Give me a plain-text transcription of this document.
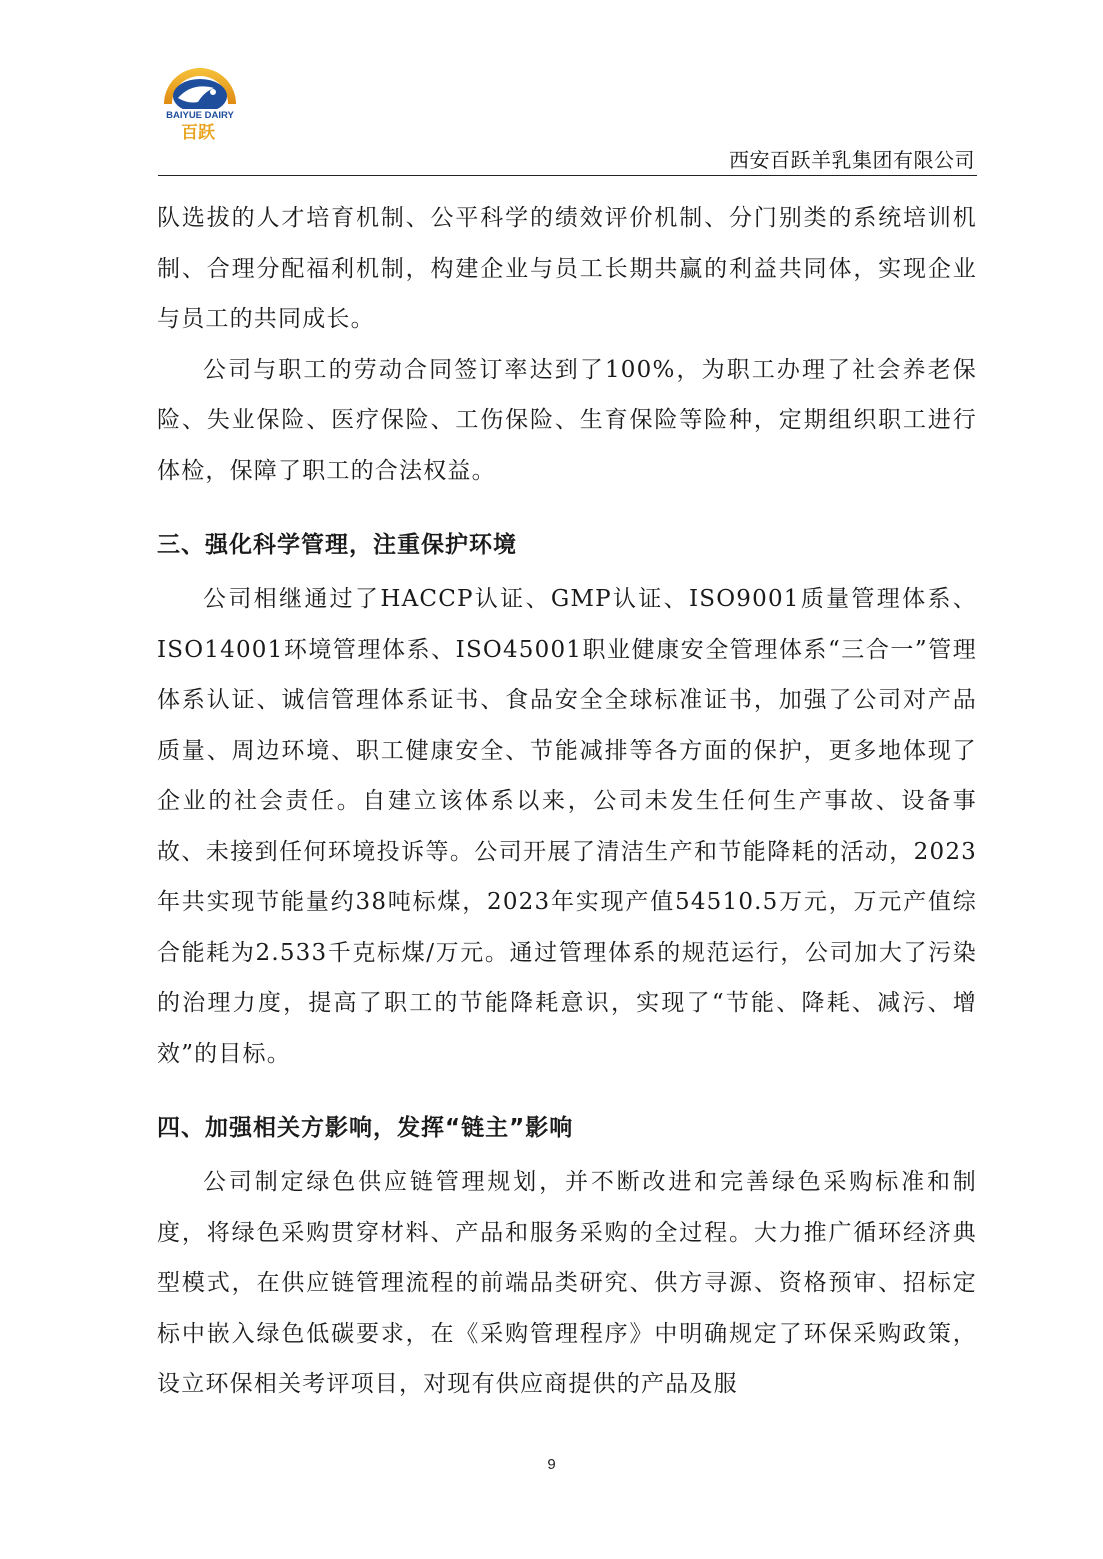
BAIYUE DAIRY
百跃
西安百跃羊乳集团有限公司

队选拔的人才培育机制、公平科学的绩效评价机制、分门别类的系统培训机制、合理分配福利机制，构建企业与员工长期共赢的利益共同体，实现企业与员工的共同成长。

公司与职工的劳动合同签订率达到了100%，为职工办理了社会养老保险、失业保险、医疗保险、工伤保险、生育保险等险种，定期组织职工进行体检，保障了职工的合法权益。

三、强化科学管理，注重保护环境

公司相继通过了HACCP认证、GMP认证、ISO9001质量管理体系、ISO14001环境管理体系、ISO45001职业健康安全管理体系“三合一”管理体系认证、诚信管理体系证书、食品安全全球标准证书，加强了公司对产品质量、周边环境、职工健康安全、节能减排等各方面的保护，更多地体现了企业的社会责任。自建立该体系以来，公司未发生任何生产事故、设备事故、未接到任何环境投诉等。公司开展了清洁生产和节能降耗的活动，2023年共实现节能量约38吨标煤，2023年实现产值54510.5万元，万元产值综合能耗为2.533千克标煤/万元。通过管理体系的规范运行，公司加大了污染的治理力度，提高了职工的节能降耗意识，实现了“节能、降耗、减污、增效”的目标。

四、加强相关方影响，发挥“链主”影响

公司制定绿色供应链管理规划，并不断改进和完善绿色采购标准和制度，将绿色采购贯穿材料、产品和服务采购的全过程。大力推广循环经济典型模式，在供应链管理流程的前端品类研究、供方寻源、资格预审、招标定标中嵌入绿色低碳要求，在《采购管理程序》中明确规定了环保采购政策，设立环保相关考评项目，对现有供应商提供的产品及服

9
